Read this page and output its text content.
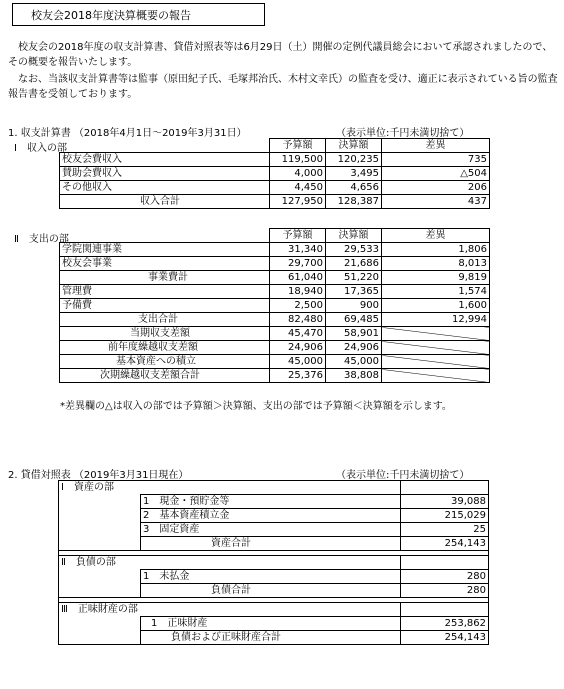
校友会2018年度決算概要の報告
校友会の2018年度の収支計算書、貸借対照表等は6月29日（土）開催の定例代議員総会において承認されましたので、その概要を報告いたします。
なお、当該収支計算書等は監事（原田紀子氏、毛塚邦治氏、木村文幸氏）の監査を受け、適正に表示されている旨の監査報告書を受領しております。
1. 収支計算書 （2018年4月1日～2019年3月31日）	（表示単位:千円未満切捨て）
Ⅰ　収入の部
		予算額	決算額	差異
校友会費収入	119,500	120,235	735
賛助会費収入	4,000	3,495	△504
その他収入	4,450	4,656	206
収入合計	127,950	128,387	437
Ⅱ　支出の部
		予算額	決算額	差異
学院関連事業	31,340	29,533	1,806
校友会事業	29,700	21,686	8,013
事業費計	61,040	51,220	9,819
管理費	18,940	17,365	1,574
予備費	2,500	900	1,600
支出合計	82,480	69,485	12,994
当期収支差額	45,470	58,901	
前年度繰越収支差額	24,906	24,906	
基本資産への積立	45,000	45,000	
次期繰越収支差額合計	25,376	38,808	
*差異欄の△は収入の部では予算額＞決算額、支出の部では予算額＜決算額を示します。
2. 貸借対照表 （2019年3月31日現在）	（表示単位:千円未満切捨て）
Ⅰ　資産の部		
	1　現金・預貯金等	39,088
	2　基本資産積立金	215,029
	3　固定資産	25
	資産合計	254,143

Ⅱ　負債の部		
	1　未払金	280
	負債合計	280

Ⅲ　正味財産の部		
	1　正味財産	253,862
	負債および正味財産合計	254,143
